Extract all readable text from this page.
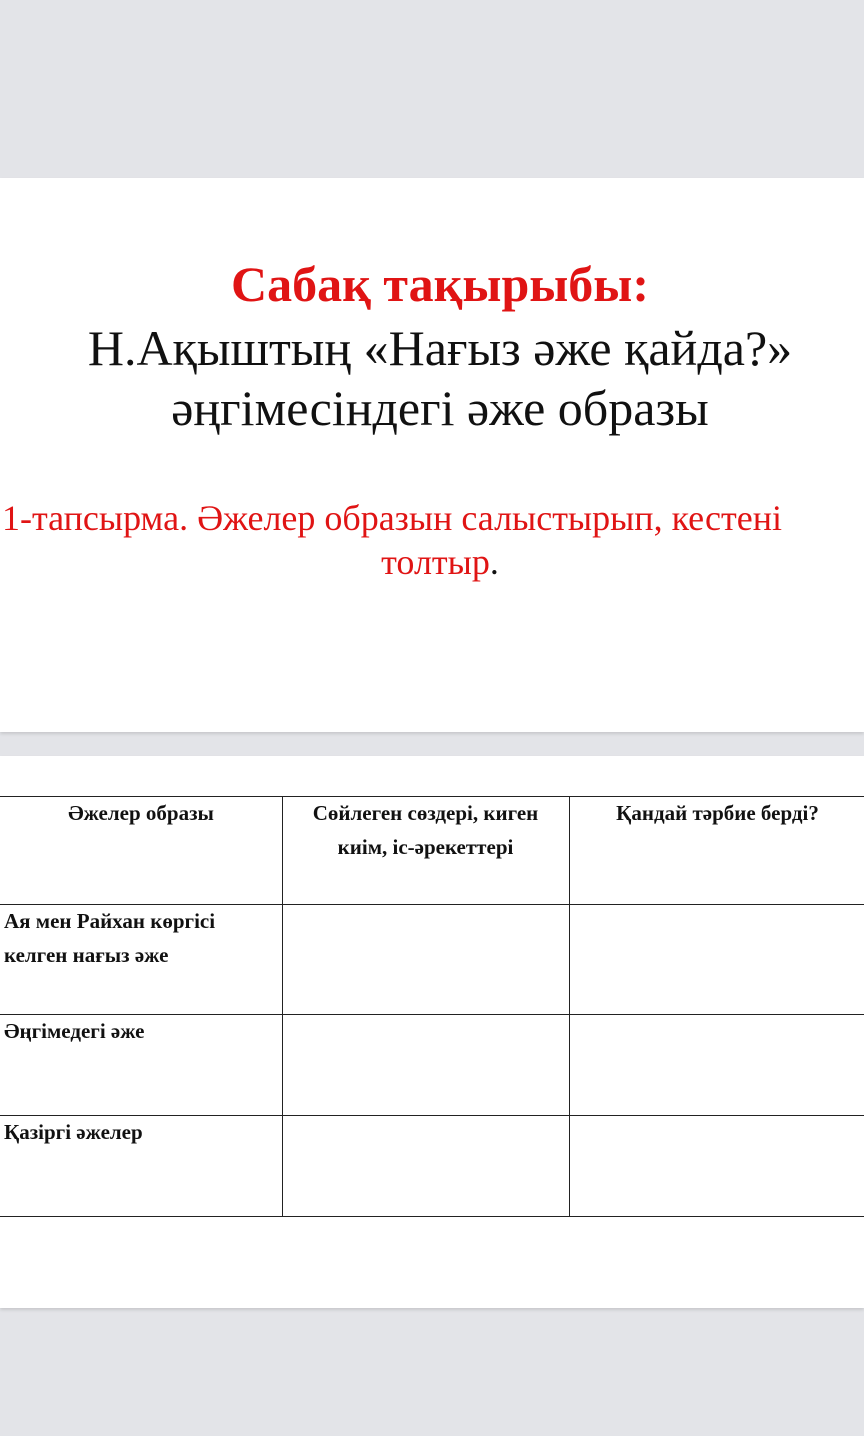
Сабақ тақырыбы:
Н.Ақыштың «Нағыз әже қайда?»
әңгімесіндегі әже образы
1-тапсырма. Әжелер образын салыстырып, кестені
толтыр.
Әжелер образы	Сөйлеген сөздері, киген
киім, іс-әрекеттері
Қандай тәрбие берді?
Ая мен Райхан көргісі
келген нағыз әже
Әңгімедегі әже
Қазіргі әжелер
